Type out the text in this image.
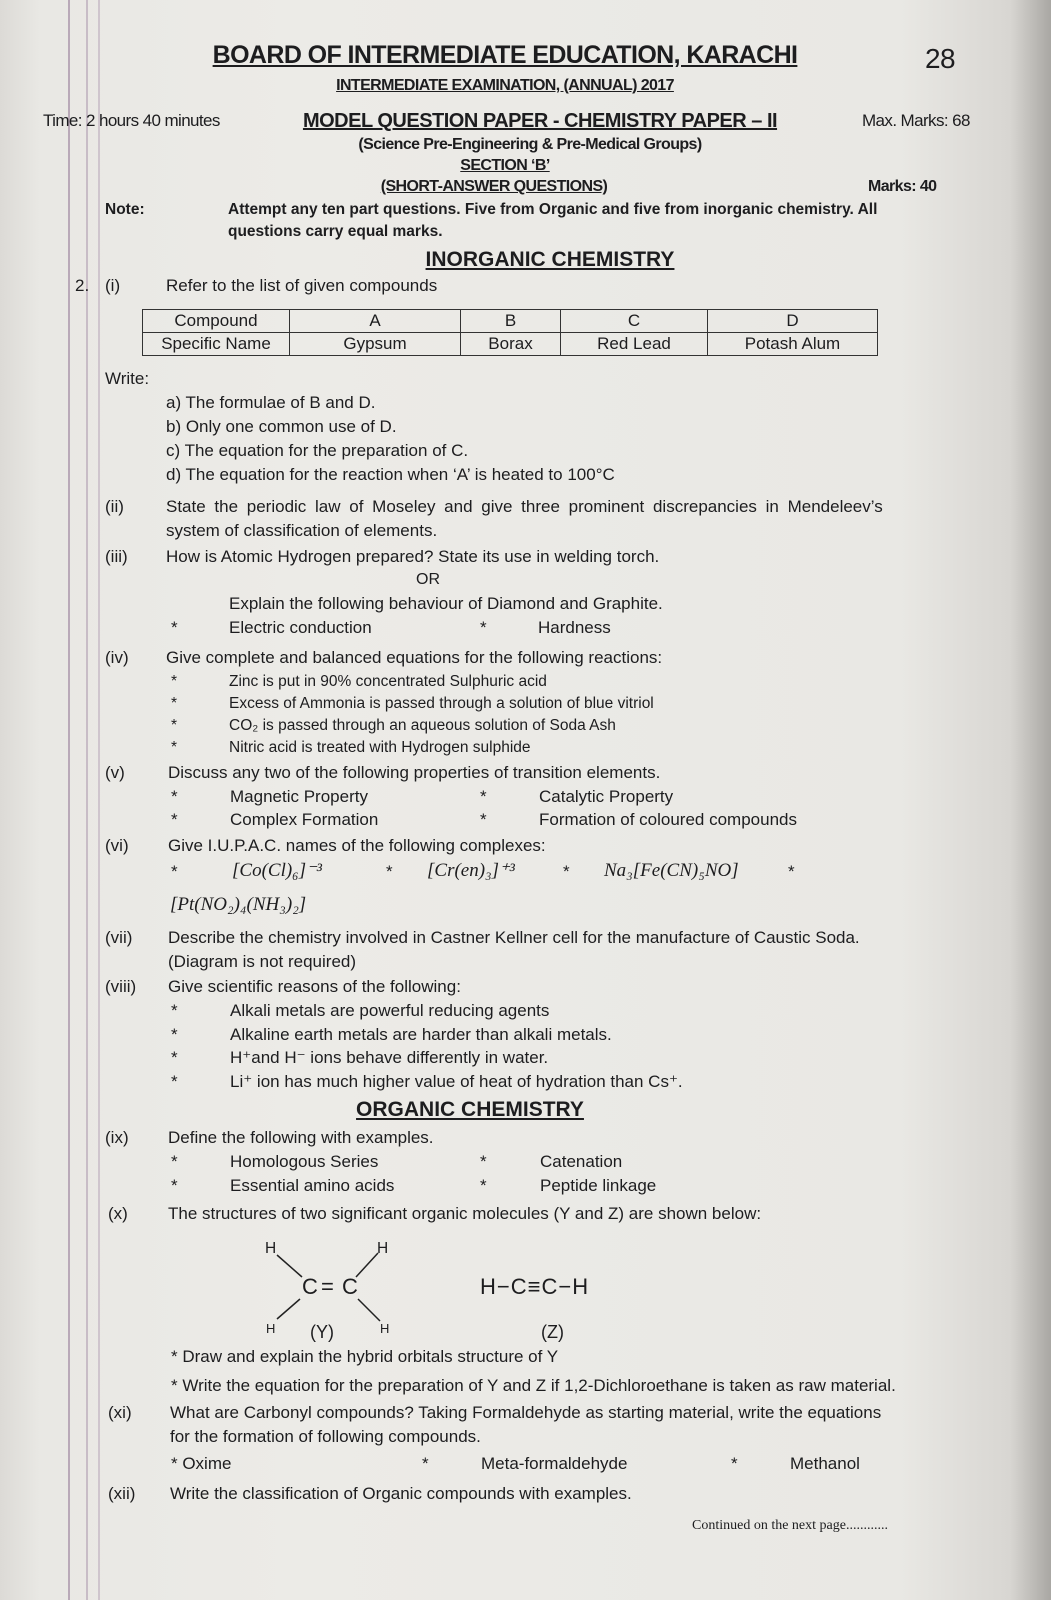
BOARD OF INTERMEDIATE EDUCATION, KARACHI	28
INTERMEDIATE EXAMINATION, (ANNUAL) 2017
Time: 2 hours 40 minutes	MODEL QUESTION PAPER - CHEMISTRY PAPER – II	Max. Marks: 68
(Science Pre-Engineering & Pre-Medical Groups)
SECTION ‘B’
(SHORT-ANSWER QUESTIONS)	Marks: 40
Note:	Attempt any ten part questions. Five from Organic and five from inorganic chemistry. All
questions carry equal marks.
INORGANIC CHEMISTRY
2. (i)	Refer to the list of given compounds
Compound	A	B	C	D
Specific Name	Gypsum	Borax	Red Lead	Potash Alum
Write:
a) The formulae of B and D.
b) Only one common use of D.
c) The equation for the preparation of C.
d) The equation for the reaction when ‘A’ is heated to 100°C
(ii) State the periodic law of Moseley and give three prominent discrepancies in Mendeleev’s
system of classification of elements.
(iii) How is Atomic Hydrogen prepared? State its use in welding torch.
OR
Explain the following behaviour of Diamond and Graphite.
*	Electric conduction	*	Hardness
(iv) Give complete and balanced equations for the following reactions:
*	Zinc is put in 90% concentrated Sulphuric acid
*	Excess of Ammonia is passed through a solution of blue vitriol
*	CO₂ is passed through an aqueous solution of Soda Ash
*	Nitric acid is treated with Hydrogen sulphide
(v)	Discuss any two of the following properties of transition elements.
*	Magnetic Property	*	Catalytic Property
*	Complex Formation	*	Formation of coloured compounds
(vi) Give I.U.P.A.C. names of the following complexes:
*	[Co(Cl)₆]⁻³	* [Cr(en)₃]⁺³	* Na₃[Fe(CN)₅NO]	*
[Pt(NO₂)₄(NH₃)₂]
(vii) Describe the chemistry involved in Castner Kellner cell for the manufacture of Caustic Soda.
(Diagram is not required)
(viii) Give scientific reasons of the following:
*	Alkali metals are powerful reducing agents
*	Alkaline earth metals are harder than alkali metals.
*	H⁺and H⁻ ions behave differently in water.
*	Li⁺ ion has much higher value of heat of hydration than Cs⁺.
ORGANIC CHEMISTRY
(ix) Define the following with examples.
*	Homologous Series	*	Catenation
*	Essential amino acids	*	Peptide linkage
(x) The structures of two significant organic molecules (Y and Z) are shown below:
H	H
C = C
H	H
(Y)
H−C≡C−H
(Z)
* Draw and explain the hybrid orbitals structure of Y
* Write the equation for the preparation of Y and Z if 1,2-Dichloroethane is taken as raw material.
(xi) What are Carbonyl compounds? Taking Formaldehyde as starting material, write the equations
for the formation of following compounds.
* Oxime	*	Meta-formaldehyde	*	Methanol
(xii) Write the classification of Organic compounds with examples.
Continued on the next page............
